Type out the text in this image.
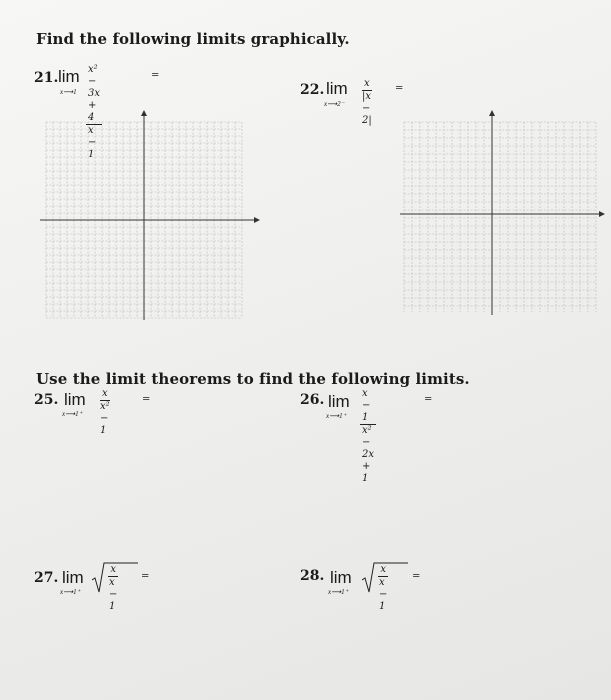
Find the following limits graphically.
21. lim
x⟶1 $\frac{\text{x² − 3x + 4}}{x - 1}$	=
22. lim
x⟶2⁻ $\frac{x}{|x - 2|}$ =
Use the limit theorems to find the following limits.
25. lim
x⟶1⁺ $\frac{x}{\text{x² − 1}}$	=	26. lim
x⟶1⁺ $\frac{x - 1}{\text{x² − 2x + 1}}$	=
27. lim
x⟶1⁺	$\frac{x}{x - 1}$ =	28. lim
x⟶1⁺	$\frac{x}{x - 1}$ =
